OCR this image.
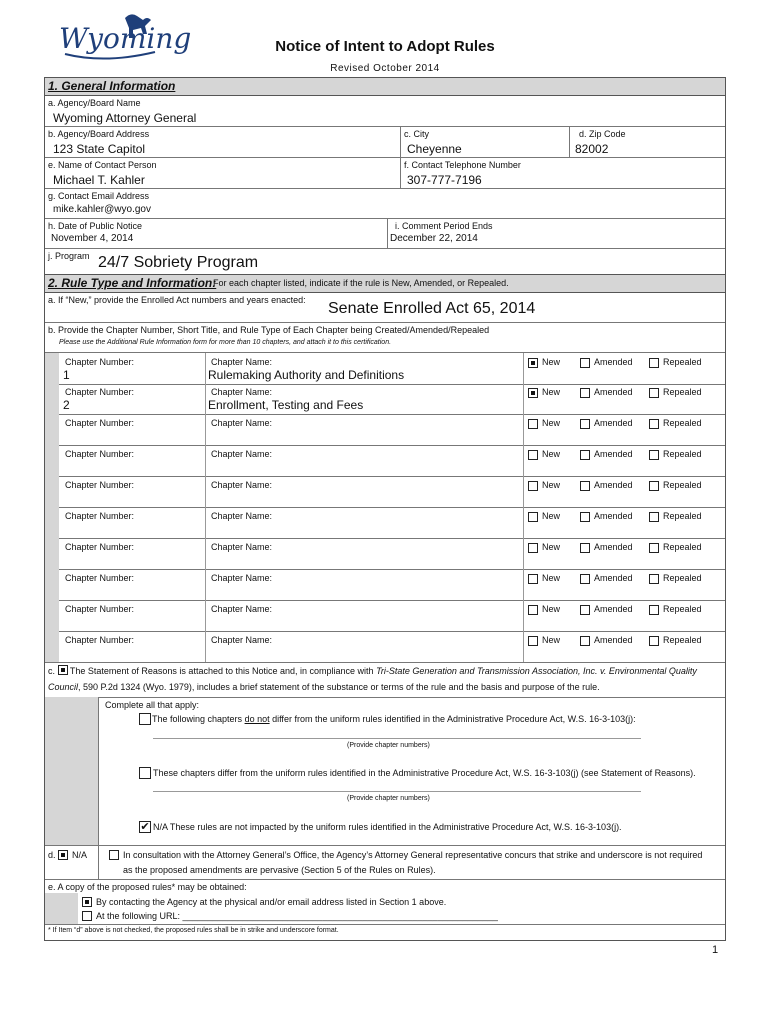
Wyoming	Notice of Intent to Adopt Rules
Revised October 2014
1. General Information
a. Agency/Board Name
Wyoming Attorney General
b. Agency/Board Address
123 State Capitol
c. City
Cheyenne
d. Zip Code
82002
e. Name of Contact Person
Michael T. Kahler
f. Contact Telephone Number
307-777-7196
g. Contact Email Address
mike.kahler@wyo.gov
h. Date of Public Notice
November 4, 2014
i. Comment Period Ends
December 22, 2014
j. Program 24/7 Sobriety Program
2. Rule Type and Information:
For each chapter listed, indicate if the rule is New, Amended, or Repealed.
a. If “New,” provide the Enrolled Act numbers and years enacted: Senate Enrolled Act 65, 2014
b. Provide the Chapter Number, Short Title, and Rule Type of Each Chapter being Created/Amended/Repealed
Please use the Additional Rule Information form for more than 10 chapters, and attach it to this certification.
Chapter Number:
1
Chapter Name:
Rulemaking Authority and Definitions
New	Amended	Repealed
Chapter Number:
2
Chapter Name:
Enrollment, Testing and Fees
New	Amended	Repealed
Chapter Number:	Chapter Name:	New	Amended	Repealed
Chapter Number:	Chapter Name:	New	Amended	Repealed
Chapter Number:	Chapter Name:	New	Amended	Repealed
Chapter Number:	Chapter Name:	New	Amended	Repealed
Chapter Number:	Chapter Name:	New	Amended	Repealed
Chapter Number:	Chapter Name:	New	Amended	Repealed
Chapter Number:	Chapter Name:	New	Amended	Repealed
Chapter Number:	Chapter Name:	New	Amended	Repealed
c. The Statement of Reasons is attached to this Notice and, in compliance with Tri-State Generation and Transmission Association, Inc. v. Environmental Quality
Council, 590 P.2d 1324 (Wyo. 1979), includes a brief statement of the substance or terms of the rule and the basis and purpose of the rule.
Complete all that apply:
The following chapters do not differ from the uniform rules identified in the Administrative Procedure Act, W.S. 16-3-103(j):
(Provide chapter numbers)
These chapters differ from the uniform rules identified in the Administrative Procedure Act, W.S. 16-3-103(j) (see Statement of Reasons).
(Provide chapter numbers)
✔ N/A These rules are not impacted by the uniform rules identified in the Administrative Procedure Act, W.S. 16-3-103(j).
d. N/A	In consultation with the Attorney General’s Office, the Agency’s Attorney General representative concurs that strike and underscore is not required
as the proposed amendments are pervasive (Section 5 of the Rules on Rules).
e. A copy of the proposed rules* may be obtained:
By contacting the Agency at the physical and/or email address listed in Section 1 above.
At the following URL: _______________________________________________________________
* If Item “d” above is not checked, the proposed rules shall be in strike and underscore format.
1
